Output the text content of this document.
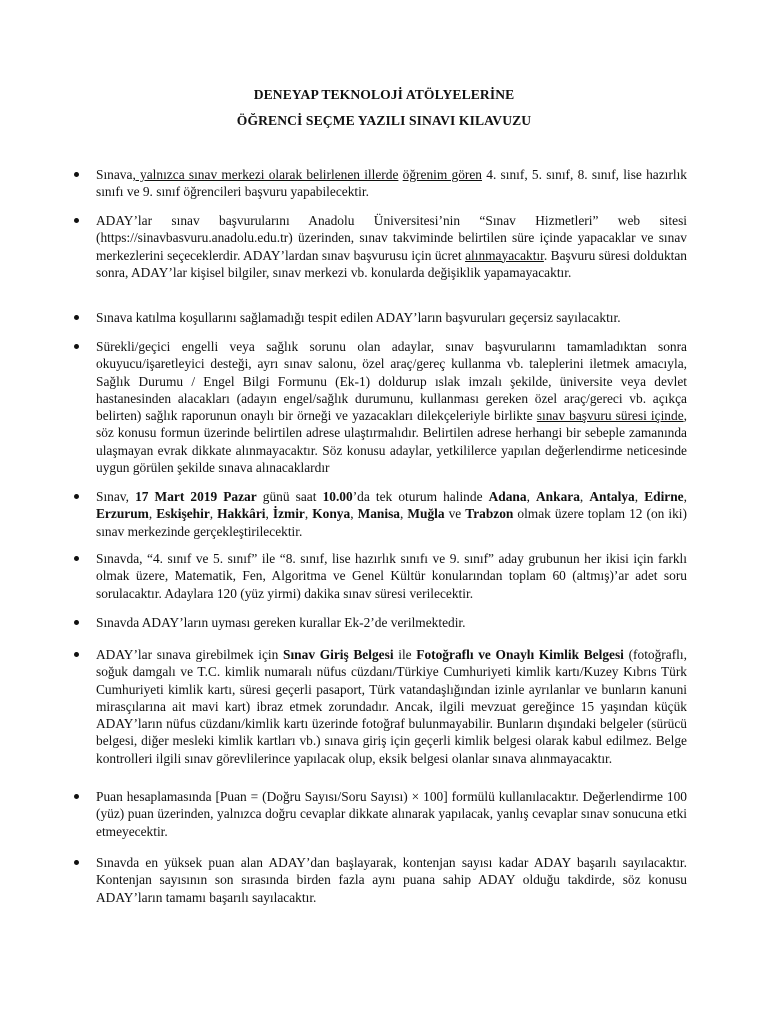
DENEYAP TEKNOLOJİ ATÖLYELERİNE
ÖĞRENCİ SEÇME YAZILI SINAVI KILAVUZU
Sınava, yalnızca sınav merkezi olarak belirlenen illerde öğrenim gören 4. sınıf, 5. sınıf, 8. sınıf, lise hazırlık sınıfı ve 9. sınıf öğrencileri başvuru yapabilecektir.
ADAY’lar sınav başvurularını Anadolu Üniversitesi’nin “Sınav Hizmetleri” web sitesi (https://sinavbasvuru.anadolu.edu.tr) üzerinden, sınav takviminde belirtilen süre içinde yapacaklar ve sınav merkezlerini seçeceklerdir. ADAY’lardan sınav başvurusu için ücret alınmayacaktır. Başvuru süresi dolduktan sonra, ADAY’lar kişisel bilgiler, sınav merkezi vb. konularda değişiklik yapamayacaktır.
Sınava katılma koşullarını sağlamadığı tespit edilen ADAY’ların başvuruları geçersiz sayılacaktır.
Sürekli/geçici engelli veya sağlık sorunu olan adaylar, sınav başvurularını tamamladıktan sonra okuyucu/işaretleyici desteği, ayrı sınav salonu, özel araç/gereç kullanma vb. taleplerini iletmek amacıyla, Sağlık Durumu / Engel Bilgi Formunu (Ek-1) doldurup ıslak imzalı şekilde, üniversite veya devlet hastanesinden alacakları (adayın engel/sağlık durumunu, kullanması gereken özel araç/gereci vb. açıkça belirten) sağlık raporunun onaylı bir örneği ve yazacakları dilekçeleriyle birlikte sınav başvuru süresi içinde, söz konusu formun üzerinde belirtilen adrese ulaştırmalıdır. Belirtilen adrese herhangi bir sebeple zamanında ulaşmayan evrak dikkate alınmayacaktır. Söz konusu adaylar, yetkililerce yapılan değerlendirme neticesinde uygun görülen şekilde sınava alınacaklardır
Sınav, 17 Mart 2019 Pazar günü saat 10.00’da tek oturum halinde Adana, Ankara, Antalya, Edirne, Erzurum, Eskişehir, Hakkâri, İzmir, Konya, Manisa, Muğla ve Trabzon olmak üzere toplam 12 (on iki) sınav merkezinde gerçekleştirilecektir.
Sınavda, “4. sınıf ve 5. sınıf” ile “8. sınıf, lise hazırlık sınıfı ve 9. sınıf” aday grubunun her ikisi için farklı olmak üzere, Matematik, Fen, Algoritma ve Genel Kültür konularından toplam 60 (altmış)’ar adet soru sorulacaktır. Adaylara 120 (yüz yirmi) dakika sınav süresi verilecektir.
Sınavda ADAY’ların uyması gereken kurallar Ek-2’de verilmektedir.
ADAY’lar sınava girebilmek için Sınav Giriş Belgesi ile Fotoğraflı ve Onaylı Kimlik Belgesi (fotoğraflı, soğuk damgalı ve T.C. kimlik numaralı nüfus cüzdanı/Türkiye Cumhuriyeti kimlik kartı/Kuzey Kıbrıs Türk Cumhuriyeti kimlik kartı, süresi geçerli pasaport, Türk vatandaşlığından izinle ayrılanlar ve bunların kanuni mirasçılarına ait mavi kart) ibraz etmek zorundadır. Ancak, ilgili mevzuat gereğince 15 yaşından küçük ADAY’ların nüfus cüzdanı/kimlik kartı üzerinde fotoğraf bulunmayabilir. Bunların dışındaki belgeler (sürücü belgesi, diğer mesleki kimlik kartları vb.) sınava giriş için geçerli kimlik belgesi olarak kabul edilmez. Belge kontrolleri ilgili sınav görevlilerince yapılacak olup, eksik belgesi olanlar sınava alınmayacaktır.
Puan hesaplamasında [Puan = (Doğru Sayısı/Soru Sayısı) × 100] formülü kullanılacaktır. Değerlendirme 100 (yüz) puan üzerinden, yalnızca doğru cevaplar dikkate alınarak yapılacak, yanlış cevaplar sınav sonucuna etki etmeyecektir.
Sınavda en yüksek puan alan ADAY’dan başlayarak, kontenjan sayısı kadar ADAY başarılı sayılacaktır. Kontenjan sayısının son sırasında birden fazla aynı puana sahip ADAY olduğu takdirde, söz konusu ADAY’ların tamamı başarılı sayılacaktır.
